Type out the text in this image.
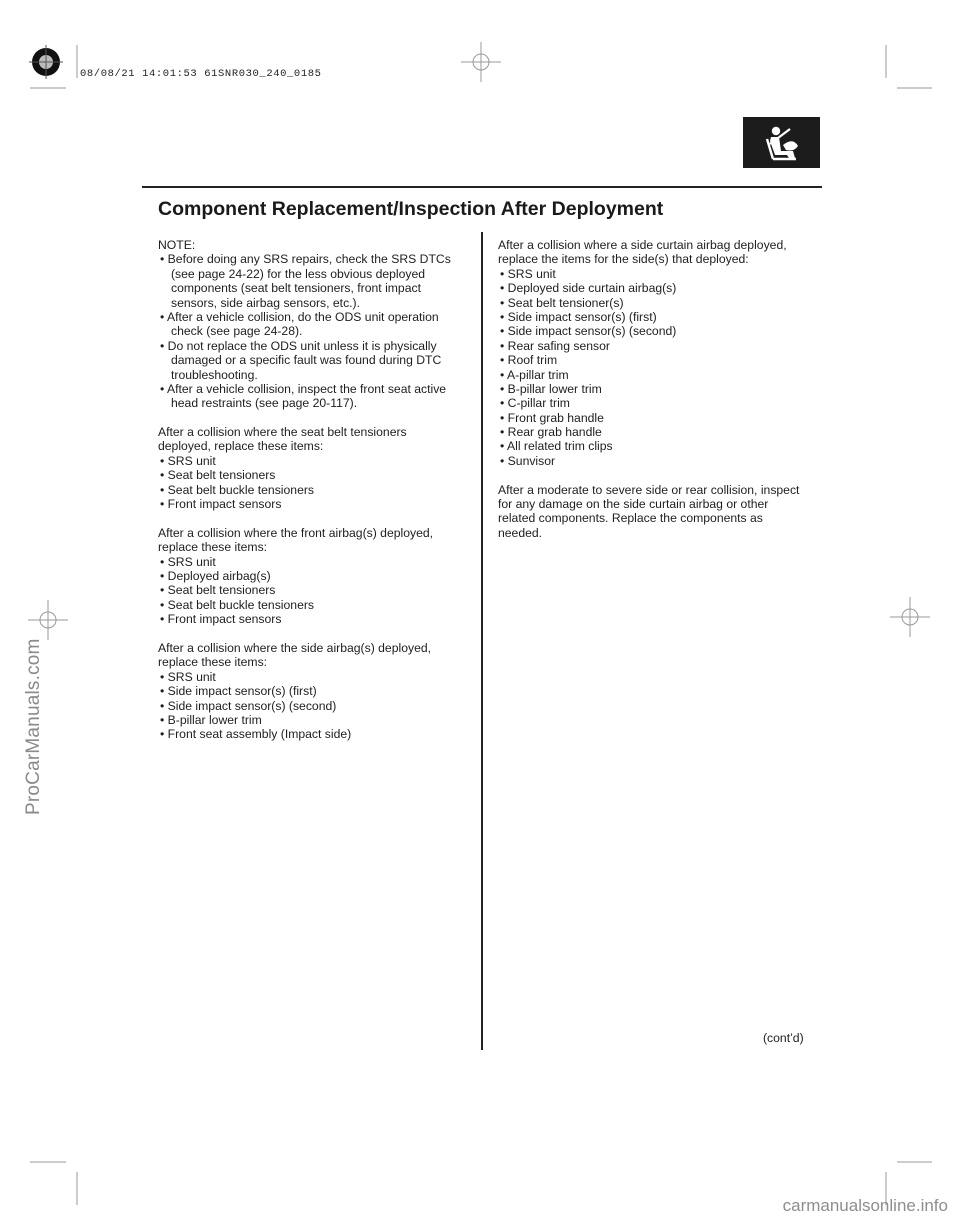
08/08/21 14:01:53 61SNR030_240_0185
ProCarManuals.com
Component Replacement/Inspection After Deployment
NOTE:
• Before doing any SRS repairs, check the SRS DTCs
(see page 24-22) for the less obvious deployed
components (seat belt tensioners, front impact
sensors, side airbag sensors, etc.).
• After a vehicle collision, do the ODS unit operation
check (see page 24-28).
• Do not replace the ODS unit unless it is physically
damaged or a specific fault was found during DTC
troubleshooting.
• After a vehicle collision, inspect the front seat active
head restraints (see page 20-117).
After a collision where the seat belt tensioners
deployed, replace these items:
• SRS unit
• Seat belt tensioners
• Seat belt buckle tensioners
• Front impact sensors
After a collision where the front airbag(s) deployed,
replace these items:
• SRS unit
• Deployed airbag(s)
• Seat belt tensioners
• Seat belt buckle tensioners
• Front impact sensors
After a collision where the side airbag(s) deployed,
replace these items:
• SRS unit
• Side impact sensor(s) (first)
• Side impact sensor(s) (second)
• B-pillar lower trim
• Front seat assembly (Impact side)
After a collision where a side curtain airbag deployed,
replace the items for the side(s) that deployed:
• SRS unit
• Deployed side curtain airbag(s)
• Seat belt tensioner(s)
• Side impact sensor(s) (first)
• Side impact sensor(s) (second)
• Rear safing sensor
• Roof trim
• A-pillar trim
• B-pillar lower trim
• C-pillar trim
• Front grab handle
• Rear grab handle
• All related trim clips
• Sunvisor
After a moderate to severe side or rear collision, inspect
for any damage on the side curtain airbag or other
related components. Replace the components as
needed.
(cont’d)
carmanualsonline.info
